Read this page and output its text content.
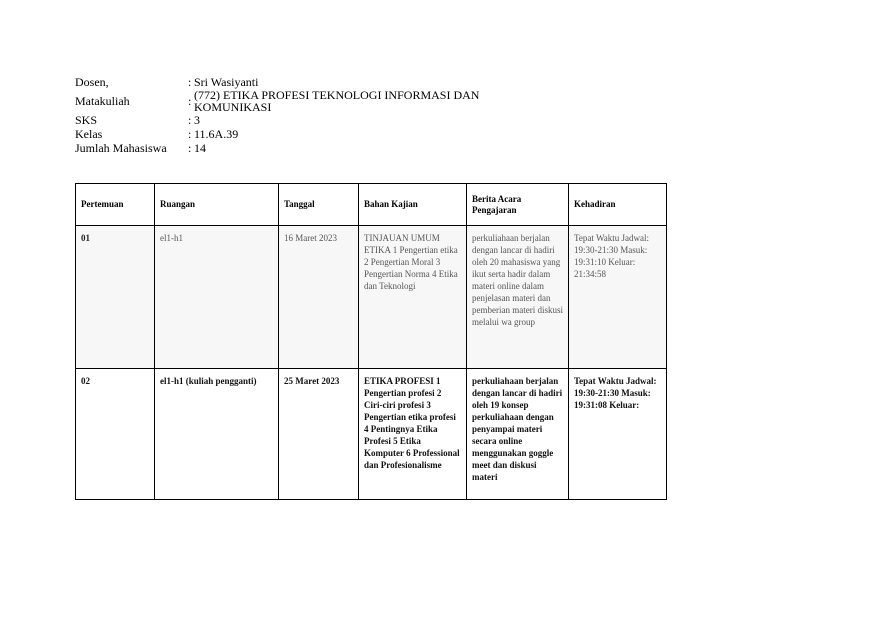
Dosen,	: Sri Wasiyanti
Matakuliah	: (772) ETIKA PROFESI TEKNOLOGI INFORMASI DAN KOMUNIKASI
SKS	: 3
Kelas	: 11.6A.39
Jumlah Mahasiswa	: 14
Pertemuan	Ruangan	Tanggal	Bahan Kajian	Berita Acara Pengajaran	Kehadiran
01	el1-h1	16 Maret 2023	TINJAUAN UMUM ETIKA 1 Pengertian etika 2 Pengertian Moral 3 Pengertian Norma 4 Etika dan Teknologi	perkuliahaan berjalan dengan lancar di hadiri oleh 20 mahasiswa yang ikut serta hadir dalam materi online dalam penjelasan materi dan pemberian materi diskusi melalui wa group	Tepat Waktu Jadwal: 19:30-21:30 Masuk: 19:31:10 Keluar: 21:34:58
02	el1-h1 (kuliah pengganti)	25 Maret 2023	ETIKA PROFESI 1 Pengertian profesi 2 Ciri-ciri profesi 3 Pengertian etika profesi 4 Pentingnya Etika Profesi 5 Etika Komputer 6 Professional dan Profesionalisme	perkuliahaan berjalan dengan lancar di hadiri oleh 19 konsep perkuliahaan dengan penyampai materi secara online menggunakan goggle meet dan diskusi materi	Tepat Waktu Jadwal: 19:30-21:30 Masuk: 19:31:08 Keluar:
